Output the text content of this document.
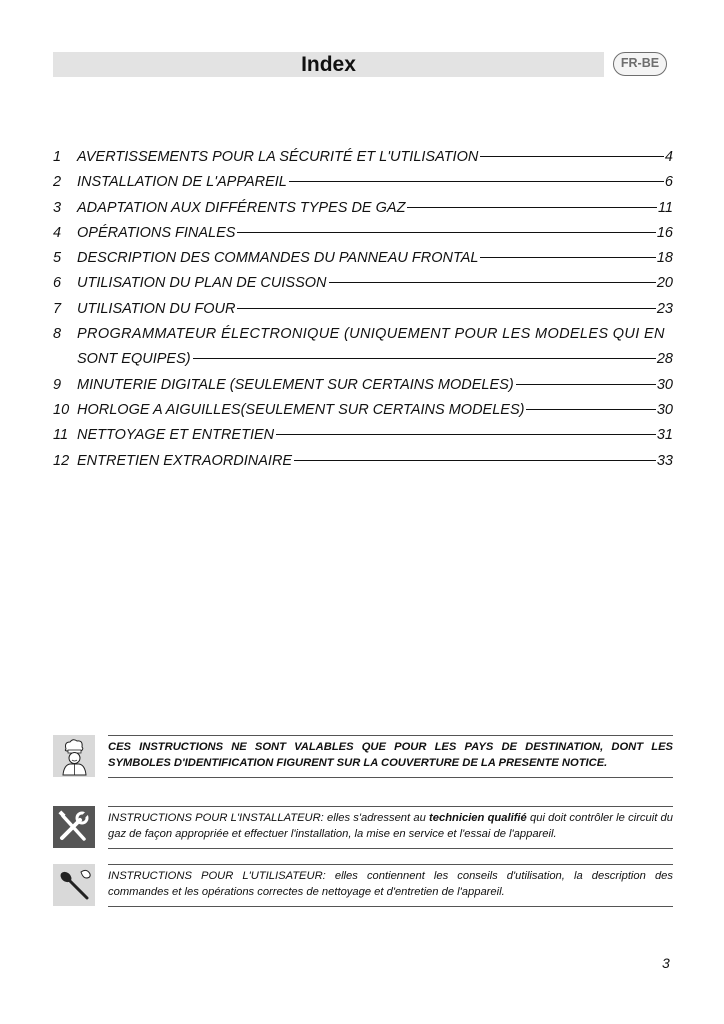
Index	FR-BE
1 AVERTISSEMENTS POUR LA SÉCURITÉ ET L'UTILISATION	4
2 INSTALLATION DE L'APPAREIL	6
3 ADAPTATION AUX DIFFÉRENTS TYPES DE GAZ	11
4 OPÉRATIONS FINALES	16
5 DESCRIPTION DES COMMANDES DU PANNEAU FRONTAL	18
6 UTILISATION DU PLAN DE CUISSON	20
7 UTILISATION DU FOUR	23
8 PROGRAMMATEUR ÉLECTRONIQUE (UNIQUEMENT POUR LES MODELES QUI EN
SONT EQUIPES)	28
9 MINUTERIE DIGITALE (SEULEMENT SUR CERTAINS MODELES)	30
10 HORLOGE A AIGUILLES(SEULEMENT SUR CERTAINS MODELES)	30
11 NETTOYAGE ET ENTRETIEN	31
12 ENTRETIEN EXTRAORDINAIRE	33
CES INSTRUCTIONS NE SONT VALABLES QUE POUR LES PAYS DE DESTINATION, DONT LES SYMBOLES D'IDENTIFICATION FIGURENT SUR LA COUVERTURE DE LA PRESENTE NOTICE.
INSTRUCTIONS POUR L'INSTALLATEUR: elles s'adressent au technicien qualifié qui doit contrôler le circuit du gaz de façon appropriée et effectuer l'installation, la mise en service et l'essai de l'appareil.
INSTRUCTIONS POUR L'UTILISATEUR: elles contiennent les conseils d'utilisation, la description des commandes et les opérations correctes de nettoyage et d'entretien de l'appareil.
3
